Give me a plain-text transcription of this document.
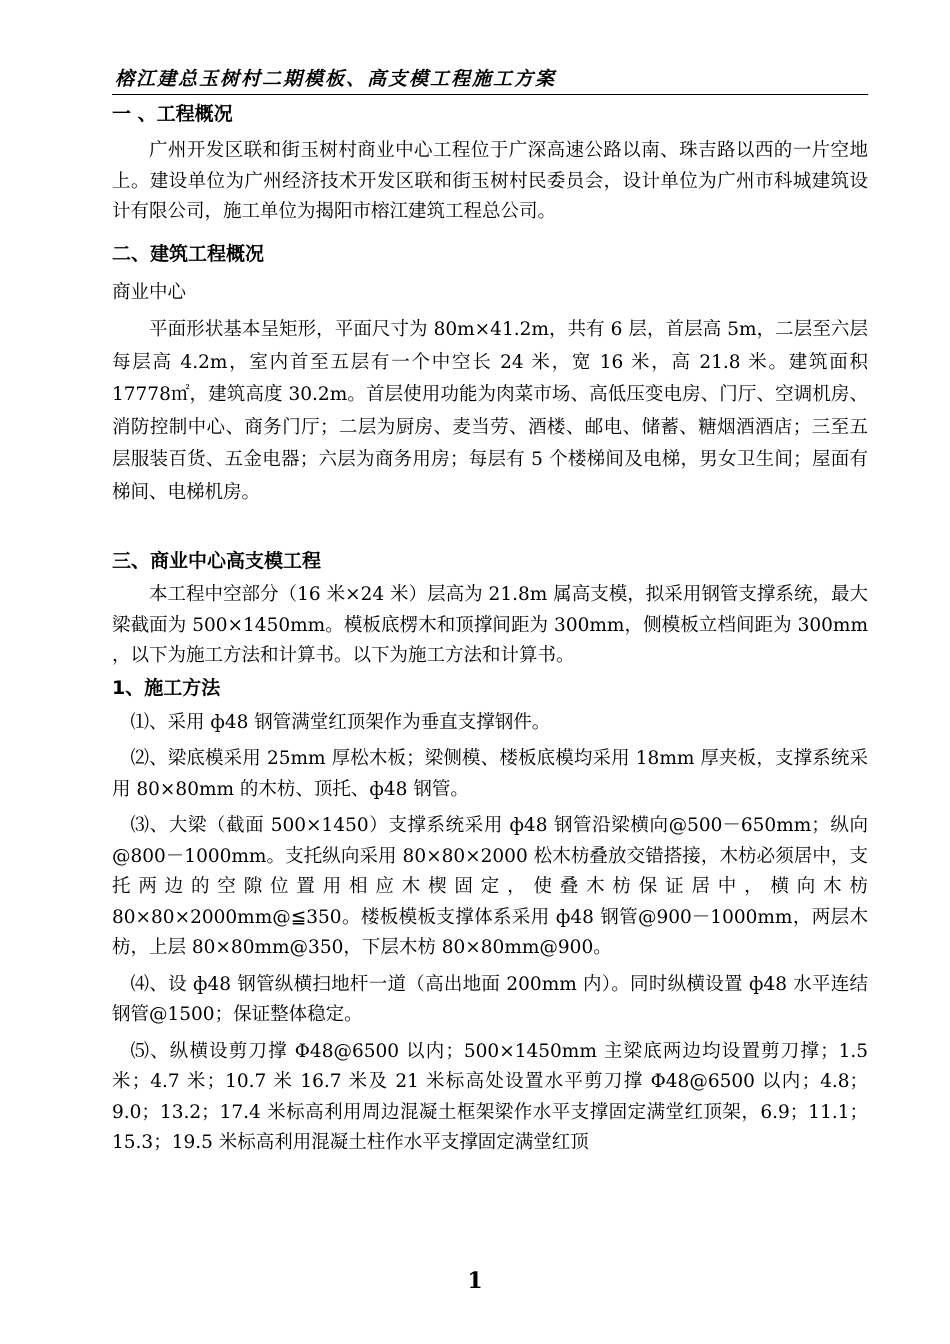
榕江建总玉树村二期模板、高支模工程施工方案
一 、工程概况

广州开发区联和街玉树村商业中心工程位于广深高速公路以南、珠吉路以西的一片空地上。建设单位为广州经济技术开发区联和街玉树村民委员会，设计单位为广州市科城建筑设计有限公司，施工单位为揭阳市榕江建筑工程总公司。

二、建筑工程概况

商业中心

平面形状基本呈矩形，平面尺寸为 80m×41.2m，共有 6 层，首层高 5m，二层至六层每层高 4.2m，室内首至五层有一个中空长 24 米，宽 16 米，高 21.8 米。建筑面积 17778㎡，建筑高度 30.2m。首层使用功能为肉菜市场、高低压变电房、门厅、空调机房、消防控制中心、商务门厅；二层为厨房、麦当劳、酒楼、邮电、储蓄、糖烟酒酒店；三至五层服装百货、五金电器；六层为商务用房；每层有 5 个楼梯间及电梯，男女卫生间；屋面有梯间、电梯机房。

三、商业中心高支模工程

本工程中空部分（16 米×24 米）层高为 21.8m 属高支模，拟采用钢管支撑系统，最大梁截面为 500×1450mm。模板底楞木和顶撑间距为 300mm，侧模板立档间距为 300mm ，以下为施工方法和计算书。以下为施工方法和计算书。

1、施工方法

⑴、采用 ф48 钢管满堂红顶架作为垂直支撑钢件。

⑵、梁底模采用 25mm 厚松木板；梁侧模、楼板底模均采用 18mm 厚夹板，支撑系统采用 80×80mm 的木枋、顶托、ф48 钢管。

⑶、大梁（截面 500×1450）支撑系统采用 ф48 钢管沿梁横向@500－650mm；纵向@800－1000mm。支托纵向采用 80×80×2000 松木枋叠放交错搭接，木枋必须居中，支托两边的空隙位置用相应木楔固定，使叠木枋保证居中，横向木枋 80×80×2000mm@≦350。楼板模板支撑体系采用 ф48 钢管@900－1000mm，两层木枋，上层 80×80mm@350，下层木枋 80×80mm@900。

⑷、设 ф48 钢管纵横扫地杆一道（高出地面 200mm 内）。同时纵横设置 ф48 水平连结钢管@1500；保证整体稳定。

⑸、纵横设剪刀撑 Φ48@6500 以内；500×1450mm 主梁底两边均设置剪刀撑；1.5 米；4.7 米；10.7 米 16.7 米及 21 米标高处设置水平剪刀撑 Φ48@6500 以内；4.8；9.0；13.2；17.4 米标高利用周边混凝土框架梁作水平支撑固定满堂红顶架，6.9；11.1；15.3；19.5 米标高利用混凝土柱作水平支撑固定满堂红顶

1
